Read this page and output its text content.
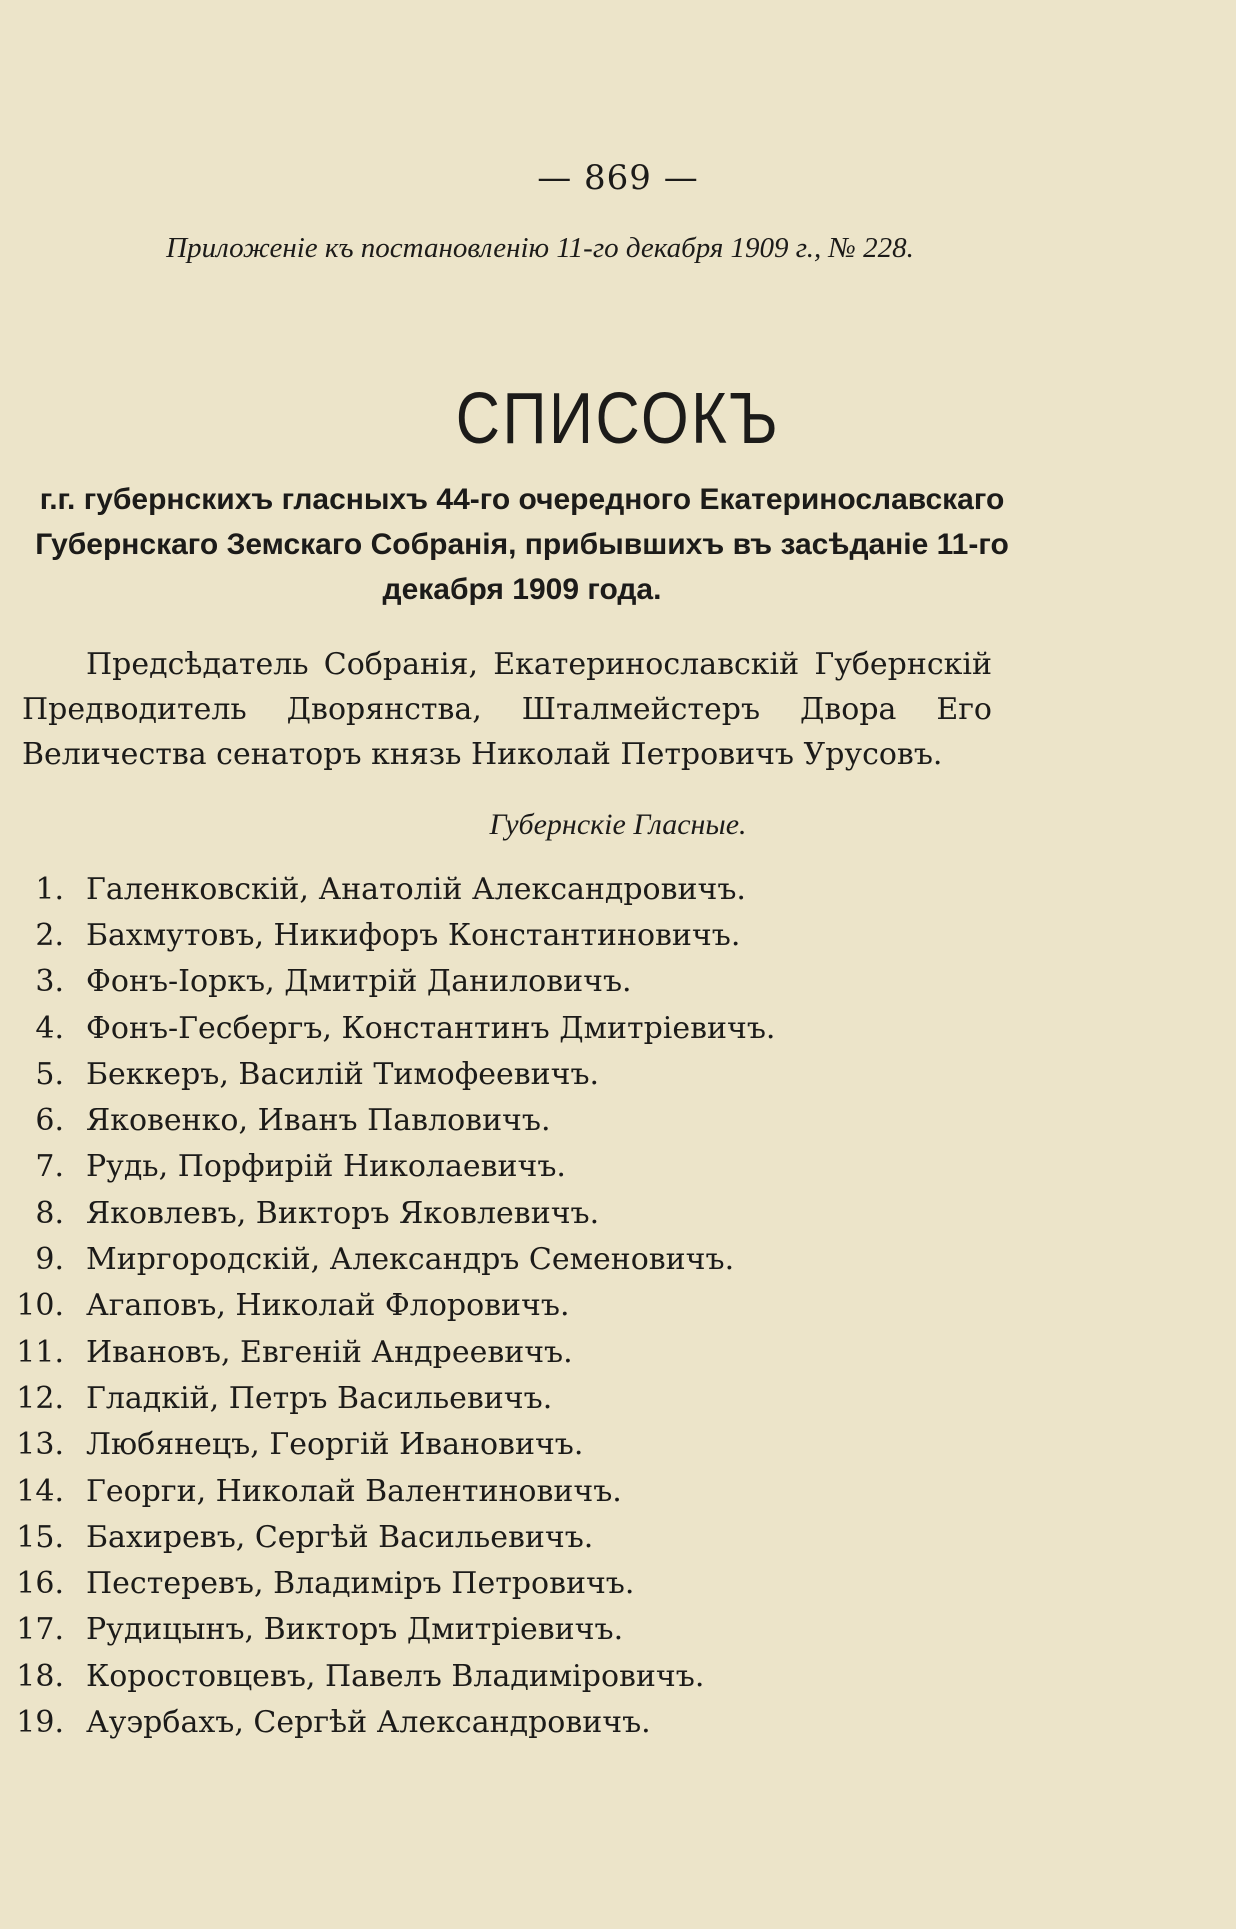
— 869 —
Приложеніе къ постановленію 11-го декабря 1909 г., № 228.
СПИСОКЪ
г.г. губернскихъ гласныхъ 44-го очередного Екатеринославскаго Губернскаго Земскаго Собранія, прибывшихъ въ засѣданіе 11-го декабря 1909 года.
Предсѣдатель Собранія, Екатеринославскій Губернскій Предводитель Дворянства, Шталмейстеръ Двора Его Величества сенаторъ князь Николай Петровичъ Урусовъ.
Губернскіе Гласные.
1. Галенковскій, Анатолій Александровичъ.
2. Бахмутовъ, Никифоръ Константиновичъ.
3. Фонъ-Іоркъ, Дмитрій Даниловичъ.
4. Фонъ-Гесбергъ, Константинъ Дмитріевичъ.
5. Беккеръ, Василій Тимофеевичъ.
6. Яковенко, Иванъ Павловичъ.
7. Рудь, Порфирій Николаевичъ.
8. Яковлевъ, Викторъ Яковлевичъ.
9. Миргородскій, Александръ Семеновичъ.
10. Агаповъ, Николай Флоровичъ.
11. Ивановъ, Евгеній Андреевичъ.
12. Гладкій, Петръ Васильевичъ.
13. Любянецъ, Георгій Ивановичъ.
14. Георги, Николай Валентиновичъ.
15. Бахиревъ, Сергѣй Васильевичъ.
16. Пестеревъ, Владиміръ Петровичъ.
17. Рудицынъ, Викторъ Дмитріевичъ.
18. Коростовцевъ, Павелъ Владиміровичъ.
19. Ауэрбахъ, Сергѣй Александровичъ.
